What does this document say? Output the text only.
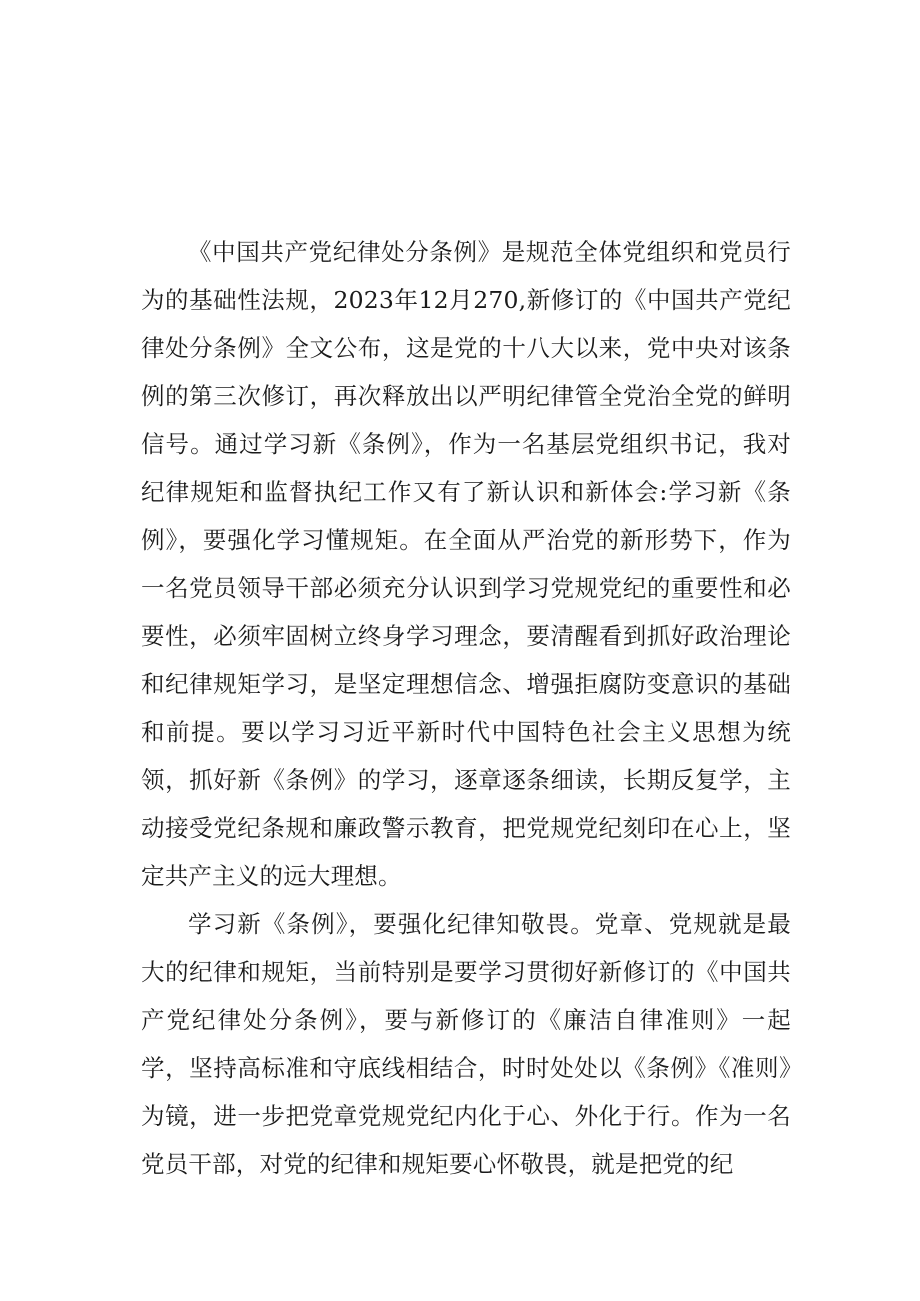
《中国共产党纪律处分条例》是规范全体党组织和党员行为的基础性法规，2023年12月270,新修订的《中国共产党纪律处分条例》全文公布，这是党的十八大以来，党中央对该条例的第三次修订，再次释放出以严明纪律管全党治全党的鲜明信号。通过学习新《条例》，作为一名基层党组织书记，我对纪律规矩和监督执纪工作又有了新认识和新体会:学习新《条例》，要强化学习懂规矩。在全面从严治党的新形势下，作为一名党员领导干部必须充分认识到学习党规党纪的重要性和必要性，必须牢固树立终身学习理念，要清醒看到抓好政治理论和纪律规矩学习，是坚定理想信念、增强拒腐防变意识的基础和前提。要以学习习近平新时代中国特色社会主义思想为统领，抓好新《条例》的学习，逐章逐条细读，长期反复学，主动接受党纪条规和廉政警示教育，把党规党纪刻印在心上，坚定共产主义的远大理想。

学习新《条例》，要强化纪律知敬畏。党章、党规就是最大的纪律和规矩，当前特别是要学习贯彻好新修订的《中国共产党纪律处分条例》，要与新修订的《廉洁自律准则》一起学，坚持高标准和守底线相结合，时时处处以《条例》《准则》为镜，进一步把党章党规党纪内化于心、外化于行。作为一名党员干部，对党的纪律和规矩要心怀敬畏，就是把党的纪
